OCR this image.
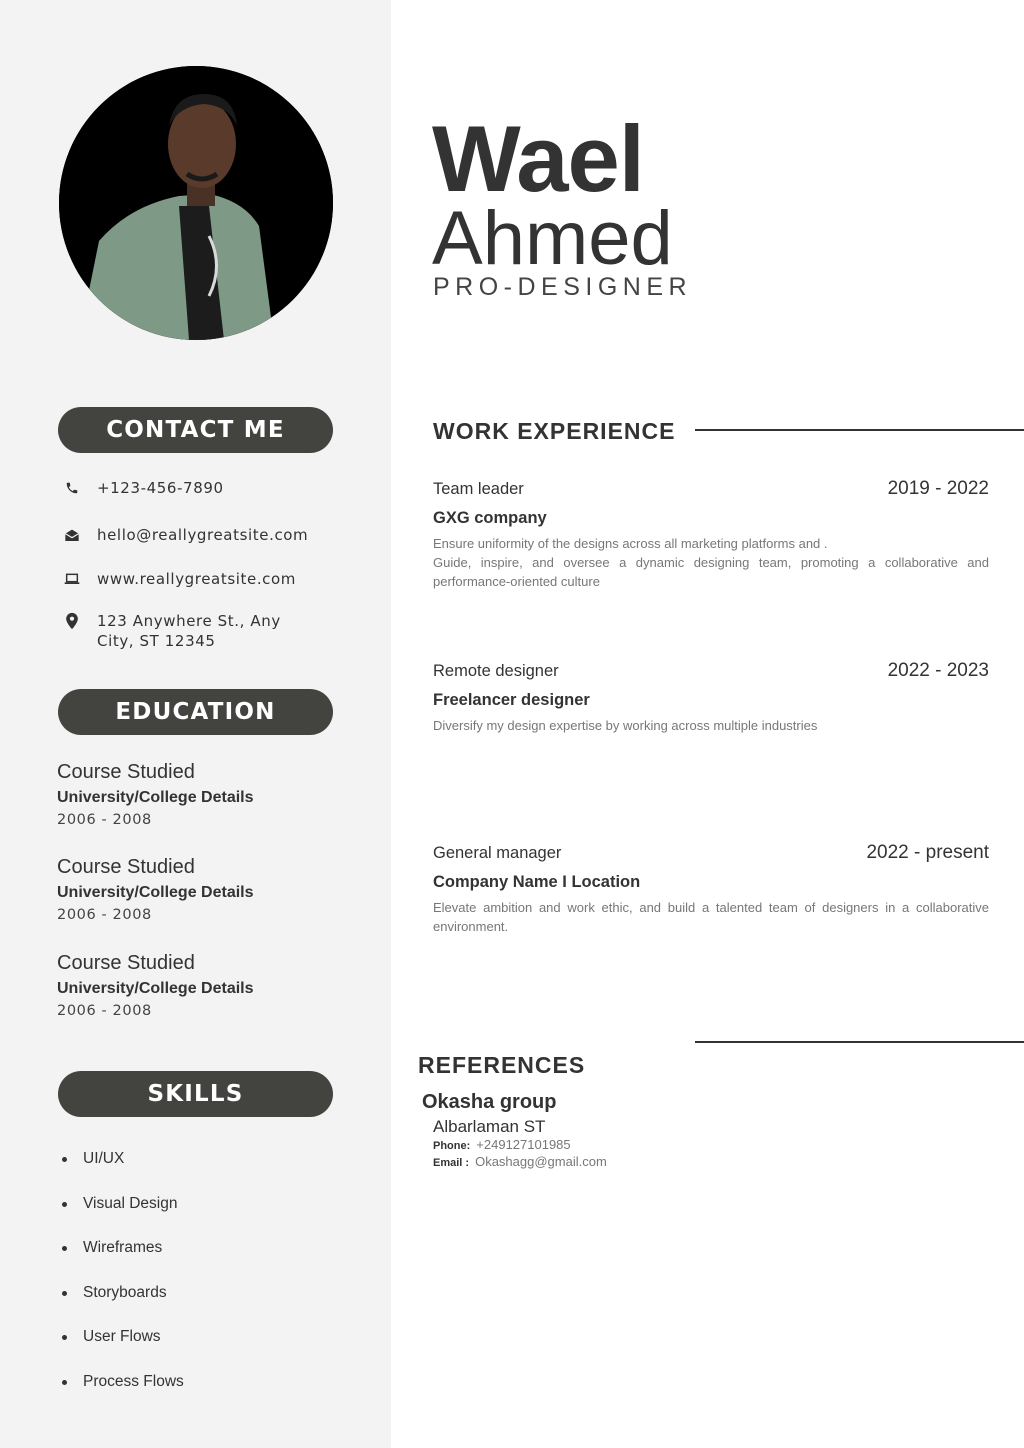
CONTACT ME
+123-456-7890
hello@reallygreatsite.com
www.reallygreatsite.com
123 Anywhere St., Any City, ST 12345
EDUCATION
Course Studied
University/College Details
2006 - 2008
Course Studied
University/College Details
2006 - 2008
Course Studied
University/College Details
2006 - 2008
SKILLS
UI/UX
Visual Design
Wireframes
Storyboards
User Flows
Process Flows
Wael
Ahmed
PRO-DESIGNER
WORK EXPERIENCE
Team leader	2019 - 2022
GXG company
Ensure uniformity of the designs across all marketing platforms and .
Guide, inspire, and oversee a dynamic designing team, promoting a collaborative and performance-oriented culture
Remote designer	2022 - 2023
Freelancer designer
Diversify my design expertise by working across multiple industries
General manager	2022 - present
Company Name I Location
Elevate ambition and work ethic, and build a talented team of designers in a collaborative environment.
REFERENCES
Okasha group
Albarlaman ST
Phone: +249127101985
Email : Okashagg@gmail.com
